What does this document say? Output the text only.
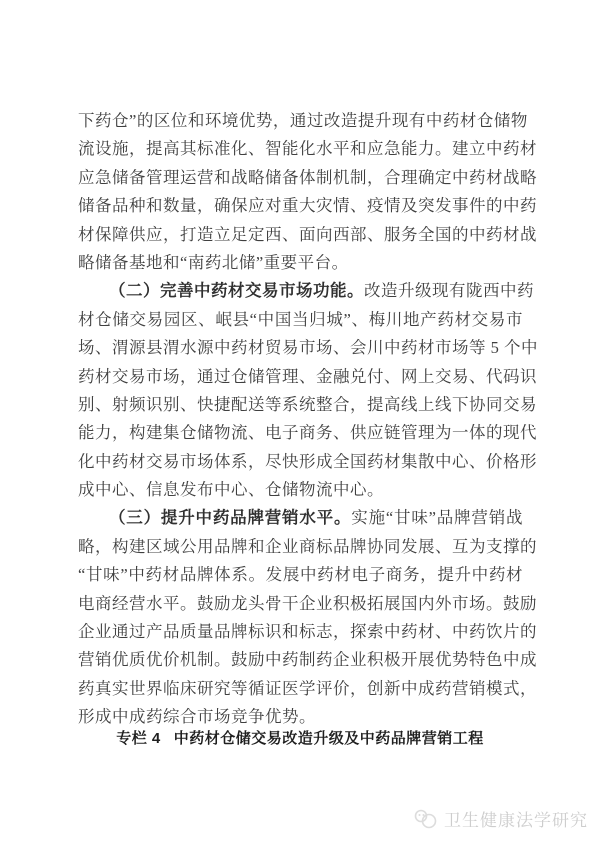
下药仓”的区位和环境优势，通过改造提升现有中药材仓储物
流设施，提高其标准化、智能化水平和应急能力。建立中药材
应急储备管理运营和战略储备体制机制，合理确定中药材战略
储备品种和数量，确保应对重大灾情、疫情及突发事件的中药
材保障供应，打造立足定西、面向西部、服务全国的中药材战
略储备基地和“南药北储”重要平台。
（二）完善中药材交易市场功能。改造升级现有陇西中药
材仓储交易园区、岷县“中国当归城”、梅川地产药材交易市
场、渭源县渭水源中药材贸易市场、会川中药材市场等 5 个中
药材交易市场，通过仓储管理、金融兑付、网上交易、代码识
别、射频识别、快捷配送等系统整合，提高线上线下协同交易
能力，构建集仓储物流、电子商务、供应链管理为一体的现代
化中药材交易市场体系，尽快形成全国药材集散中心、价格形
成中心、信息发布中心、仓储物流中心。
（三）提升中药品牌营销水平。实施“甘味”品牌营销战
略，构建区域公用品牌和企业商标品牌协同发展、互为支撑的
“甘味”中药材品牌体系。发展中药材电子商务，提升中药材
电商经营水平。鼓励龙头骨干企业积极拓展国内外市场。鼓励
企业通过产品质量品牌标识和标志，探索中药材、中药饮片的
营销优质优价机制。鼓励中药制药企业积极开展优势特色中成
药真实世界临床研究等循证医学评价，创新中成药营销模式，
形成中成药综合市场竞争优势。
专栏 4 中药材仓储交易改造升级及中药品牌营销工程
卫生健康法学研究
